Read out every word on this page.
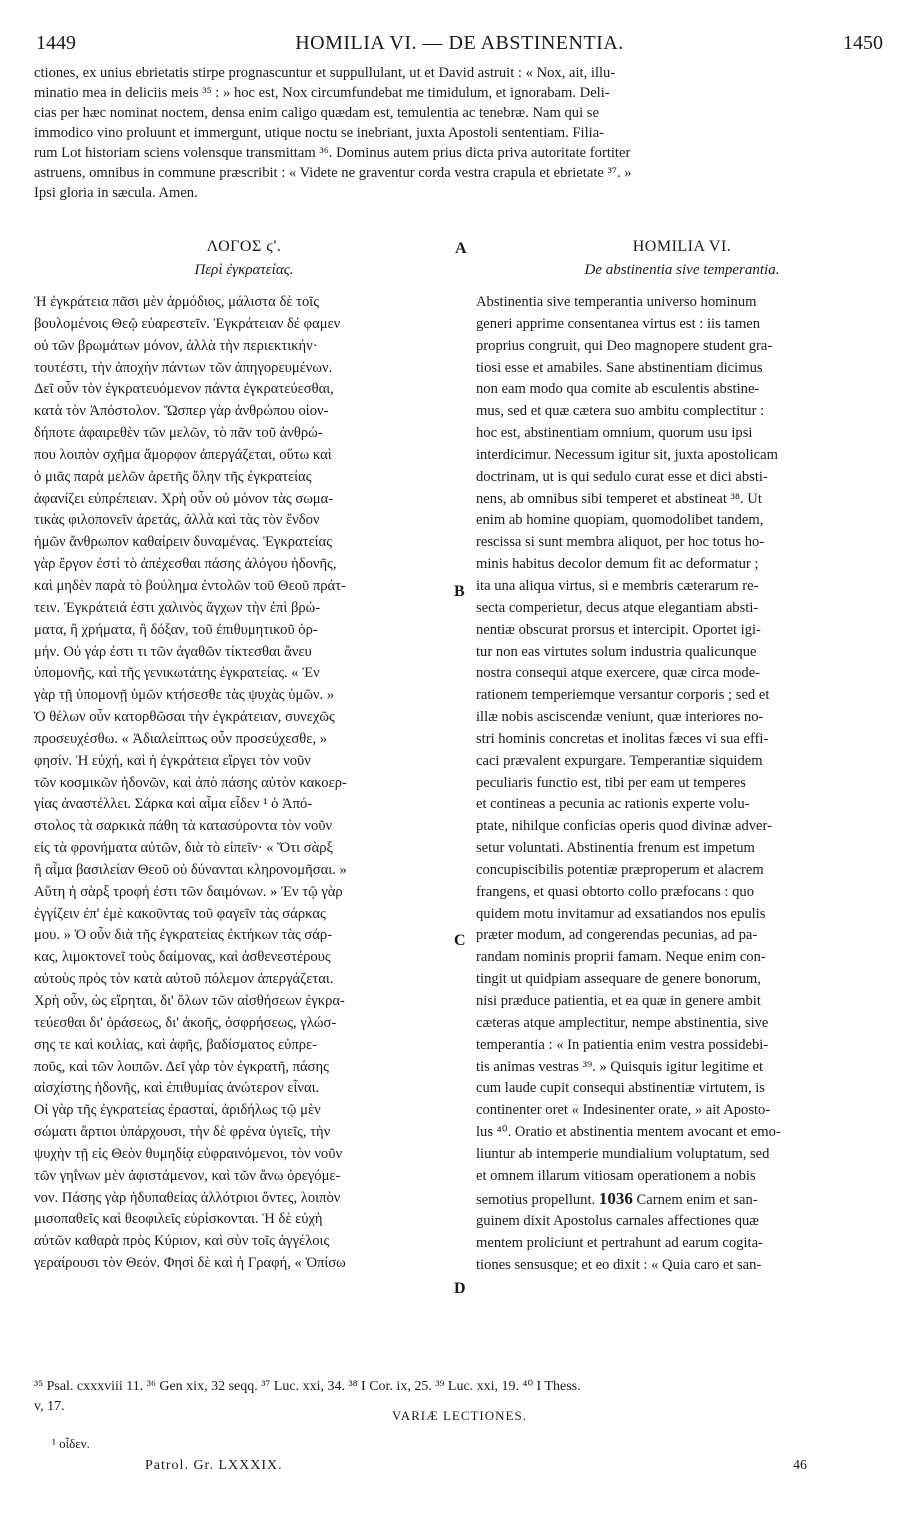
1449	HOMILIA VI. — DE ABSTINENTIA.	1450
ctiones, ex unius ebrietatis stirpe prognascuntur et suppullulant, ut et David astruit : « Nox, ait, illu-
minatio mea in deliciis meis ³⁵ : » hoc est, Nox circumfundebat me timidulum, et ignorabam. Deli-
cias per hæc nominat noctem, densa enim caligo quædam est, temulentia ac tenebræ. Nam qui se
immodico vino proluunt et immergunt, utique noctu se inebriant, juxta Apostoli sententiam. Filia-
rum Lot historiam sciens volensque transmittam ³⁶. Dominus autem prius dicta priva autoritate fortiter
astruens, omnibus in commune præscribit : « Videte ne graventur corda vestra crapula et ebrietate ³⁷. »
Ipsi gloria in sæcula. Amen.
ΛΟΓΟΣ ϛ'.
Περὶ ἐγκρατείας.
HOMILIA VI.
De abstinentia sive temperantia.
Ἡ ἐγκράτεια πᾶσι μὲν ἁρμόδιος, μάλιστα δὲ τοῖς
βουλομένοις Θεῷ εὐαρεστεῖν. Ἐγκράτειαν δέ φαμεν
οὐ τῶν βρωμάτων μόνον, ἀλλὰ τὴν περιεκτικήν·
τουτέστι, τὴν ἀποχὴν πάντων τῶν ἀπηγορευμένων.
Δεῖ οὖν τὸν ἐγκρατευόμενον πάντα ἐγκρατεύεσθαι,
κατὰ τὸν Ἀπόστολον. Ὥσπερ γὰρ ἀνθρώπου οἱον-
δήποτε ἀφαιρεθὲν τῶν μελῶν, τὸ πᾶν τοῦ ἀνθρώ-
που λοιπὸν σχῆμα ἄμορφον ἀπεργάζεται, οὕτω καὶ
ὁ μιᾶς παρὰ μελῶν ἀρετῆς ὅλην τῆς ἐγκρατείας
ἀφανίζει εὐπρέπειαν. Χρὴ οὖν οὐ μόνον τὰς σωμα-
τικὰς φιλοπονεῖν ἀρετάς, ἀλλὰ καὶ τὰς τὸν ἔνδον
ἡμῶν ἄνθρωπον καθαίρειν δυναμένας. Ἐγκρατείας
γὰρ ἔργον ἐστὶ τὸ ἀπέχεσθαι πάσης ἀλόγου ἡδονῆς,
καὶ μηδὲν παρὰ τὸ βούλημα ἐντολῶν τοῦ Θεοῦ πράτ-
τειν. Ἐγκράτειά ἐστι χαλινὸς ἄγχων τὴν ἐπὶ βρώ-
ματα, ἢ χρήματα, ἢ δόξαν, τοῦ ἐπιθυμητικοῦ ὁρ-
μήν. Οὐ γάρ ἐστι τι τῶν ἀγαθῶν τίκτεσθαι ἄνευ
ὑπομονῆς, καὶ τῆς γενικωτάτης ἐγκρατείας. « Ἐν
γὰρ τῇ ὑπομονῇ ὑμῶν κτήσεσθε τὰς ψυχὰς ὑμῶν. »
Ὁ θέλων οὖν κατορθῶσαι τὴν ἐγκράτειαν, συνεχῶς
προσευχέσθω. « Ἀδιαλείπτως οὖν προσεύχεσθε, »
φησίν. Ἡ εὐχή, καὶ ἡ ἐγκράτεια εἴργει τὸν νοῦν
τῶν κοσμικῶν ἡδονῶν, καὶ ἀπὸ πάσης αὐτὸν κακοερ-
γίας ἀναστέλλει. Σάρκα καὶ αἷμα εἶδεν ¹ ὁ Ἀπό-
στολος τὰ σαρκικὰ πάθη τὰ κατασύροντα τὸν νοῦν
εἰς τὰ φρονήματα αὐτῶν, διὰ τὸ εἰπεῖν· « Ὅτι σὰρξ
ἢ αἷμα βασιλείαν Θεοῦ οὐ δύνανται κληρονομῆσαι. »
Αὕτη ἡ σὰρξ τροφή ἐστι τῶν δαιμόνων. » Ἐν τῷ γὰρ
ἐγγίζειν ἐπ' ἐμὲ κακοῦντας τοῦ φαγεῖν τὰς σάρκας
μου. » Ὁ οὖν διὰ τῆς ἐγκρατείας ἐκτήκων τὰς σάρ-
κας, λιμοκτονεῖ τοὺς δαίμονας, καὶ ἀσθενεστέρους
αὐτοὺς πρὸς τὸν κατὰ αὐτοῦ πόλεμον ἀπεργάζεται.
Χρὴ οὖν, ὡς εἴρηται, δι' ὅλων τῶν αἰσθήσεων ἐγκρα-
τεύεσθαι δι' ὁράσεως, δι' ἀκοῆς, ὀσφρήσεως, γλώσ-
σης τε καὶ κοιλίας, καὶ ἀφῆς, βαδίσματος εὐπρε-
ποῦς, καὶ τῶν λοιπῶν. Δεῖ γὰρ τὸν ἐγκρατῆ, πάσης
αἰσχίστης ἡδονῆς, καὶ ἐπιθυμίας ἀνώτερον εἶναι.
Οἱ γὰρ τῆς ἐγκρατείας ἐρασταί, ἀριδήλως τῷ μὲν
σώματι ἄρτιοι ὑπάρχουσι, τὴν δὲ φρένα ὑγιεῖς, τὴν
ψυχὴν τῇ εἰς Θεὸν θυμηδίᾳ εὐφραινόμενοι, τὸν νοῦν
τῶν γηΐνων μὲν ἀφιστάμενον, καὶ τῶν ἄνω ὀρεγόμε-
νον. Πάσης γὰρ ἡδυπαθείας ἀλλότριοι ὄντες, λοιπὸν
μισοπαθεῖς καὶ θεοφιλεῖς εὑρίσκονται. Ἡ δὲ εὐχὴ
αὐτῶν καθαρὰ πρὸς Κύριον, καὶ σὺν τοῖς ἀγγέλοις
γεραίρουσι τὸν Θεόν. Φησὶ δὲ καὶ ἡ Γραφή, « Ὀπίσω
Abstinentia sive temperantia universo hominum
generi apprime consentanea virtus est : iis tamen
proprius congruit, qui Deo magnopere student gra-
tiosi esse et amabiles. Sane abstinentiam dicimus
non eam modo qua comite ab esculentis abstine-
mus, sed et quæ cætera suo ambitu complectitur :
hoc est, abstinentiam omnium, quorum usu ipsi
interdicimur. Necessum igitur sit, juxta apostolicam
doctrinam, ut is qui sedulo curat esse et dici absti-
nens, ab omnibus sibi temperet et abstineat ³⁸. Ut
enim ab homine quopiam, quomodolibet tandem,
rescissa si sunt membra aliquot, per hoc totus ho-
minis habitus decolor demum fit ac deformatur ;
ita una aliqua virtus, si e membris cæterarum re-
secta comperietur, decus atque elegantiam absti-
nentiæ obscurat prorsus et intercipit. Oportet igi-
tur non eas virtutes solum industria qualicunque
nostra consequi atque exercere, quæ circa mode-
rationem temperiemque versantur corporis ; sed et
illæ nobis asciscendæ veniunt, quæ interiores no-
stri hominis concretas et inolitas fæces vi sua effi-
caci prævalent expurgare. Temperantiæ siquidem
peculiaris functio est, tibi per eam ut temperes
et contineas a pecunia ac rationis experte volu-
ptate, nihilque conficias operis quod divinæ adver-
setur voluntati. Abstinentia frenum est impetum
concupiscibilis potentiæ præproperum et alacrem
frangens, et quasi obtorto collo præfocans : quo
quidem motu invitamur ad exsatiandos nos epulis
præter modum, ad congerendas pecunias, ad pa-
randam nominis proprii famam. Neque enim con-
tingit ut quidpiam assequare de genere bonorum,
nisi præduce patientia, et ea quæ in genere ambit
cæteras atque amplectitur, nempe abstinentia, sive
temperantia : « In patientia enim vestra possidebi-
tis animas vestras ³⁹. » Quisquis igitur legitime et
cum laude cupit consequi abstinentiæ virtutem, is
continenter oret « Indesinenter orate, » ait Aposto-
lus ⁴⁰. Oratio et abstinentia mentem avocant et emo-
liuntur ab intemperie mundialium voluptatum, sed
et omnem illarum vitiosam operationem a nobis
semotius propellunt. 1036 Carnem enim et san-
guinem dixit Apostolus carnales affectiones quæ
mentem proliciunt et pertrahunt ad earum cogita-
tiones sensusque; et eo dixit : « Quia caro et san-
A
B
C
D
³⁵ Psal. cxxxviii 11. ³⁶ Gen xix, 32 seqq. ³⁷ Luc. xxi, 34. ³⁸ I Cor. ix, 25. ³⁹ Luc. xxi, 19. ⁴⁰ I Thess.
v, 17.
VARIÆ LECTIONES.
¹ οἶδεν.
Patrol. Gr. LXXXIX.	46
